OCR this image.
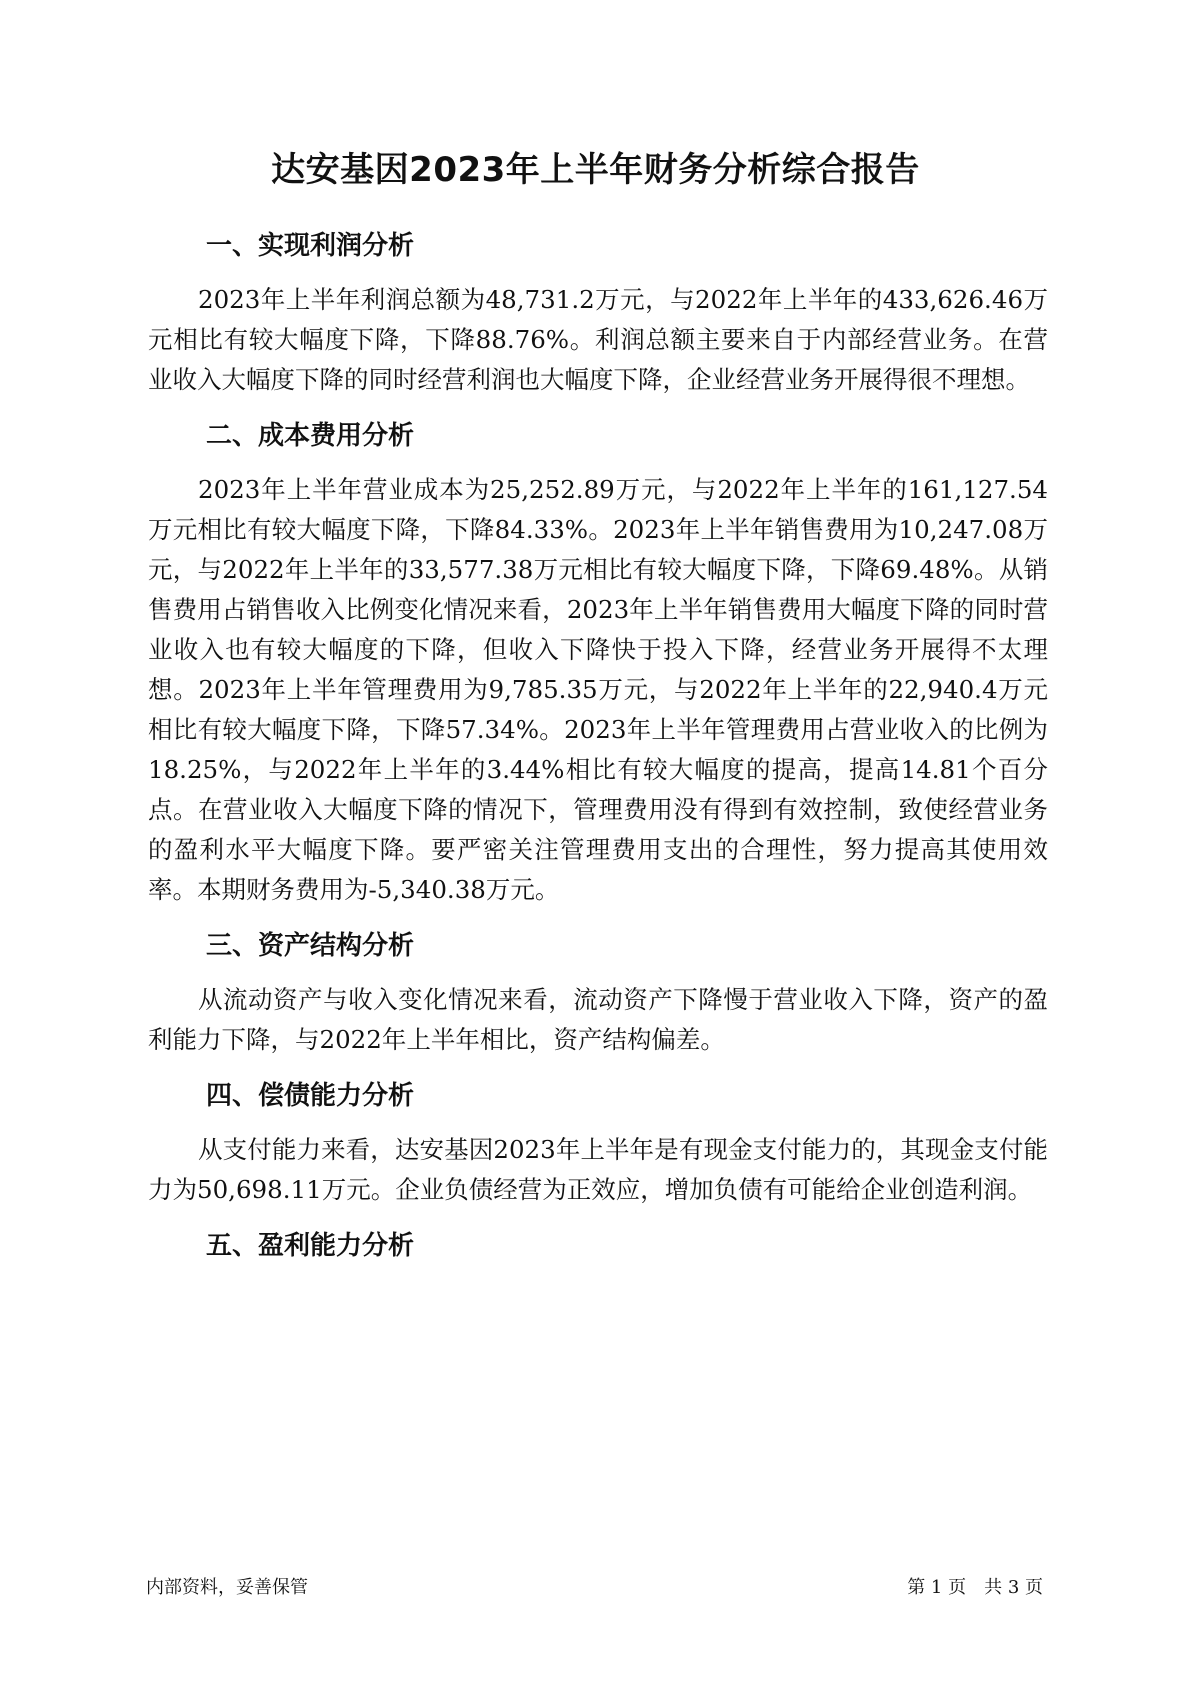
达安基因2023年上半年财务分析综合报告
一、实现利润分析

2023年上半年利润总额为48,731.2万元，与2022年上半年的433,626.46万元相比有较大幅度下降，下降88.76%。利润总额主要来自于内部经营业务。在营业收入大幅度下降的同时经营利润也大幅度下降，企业经营业务开展得很不理想。

二、成本费用分析

2023年上半年营业成本为25,252.89万元，与2022年上半年的161,127.54万元相比有较大幅度下降，下降84.33%。2023年上半年销售费用为10,247.08万元，与2022年上半年的33,577.38万元相比有较大幅度下降，下降69.48%。从销售费用占销售收入比例变化情况来看，2023年上半年销售费用大幅度下降的同时营业收入也有较大幅度的下降，但收入下降快于投入下降，经营业务开展得不太理想。2023年上半年管理费用为9,785.35万元，与2022年上半年的22,940.4万元相比有较大幅度下降，下降57.34%。2023年上半年管理费用占营业收入的比例为18.25%，与2022年上半年的3.44%相比有较大幅度的提高，提高14.81个百分点。在营业收入大幅度下降的情况下，管理费用没有得到有效控制，致使经营业务的盈利水平大幅度下降。要严密关注管理费用支出的合理性，努力提高其使用效率。本期财务费用为-5,340.38万元。

三、资产结构分析

从流动资产与收入变化情况来看，流动资产下降慢于营业收入下降，资产的盈利能力下降，与2022年上半年相比，资产结构偏差。

四、偿债能力分析

从支付能力来看，达安基因2023年上半年是有现金支付能力的，其现金支付能力为50,698.11万元。企业负债经营为正效应，增加负债有可能给企业创造利润。

五、盈利能力分析
内部资料，妥善保管	第 1 页　共 3 页
